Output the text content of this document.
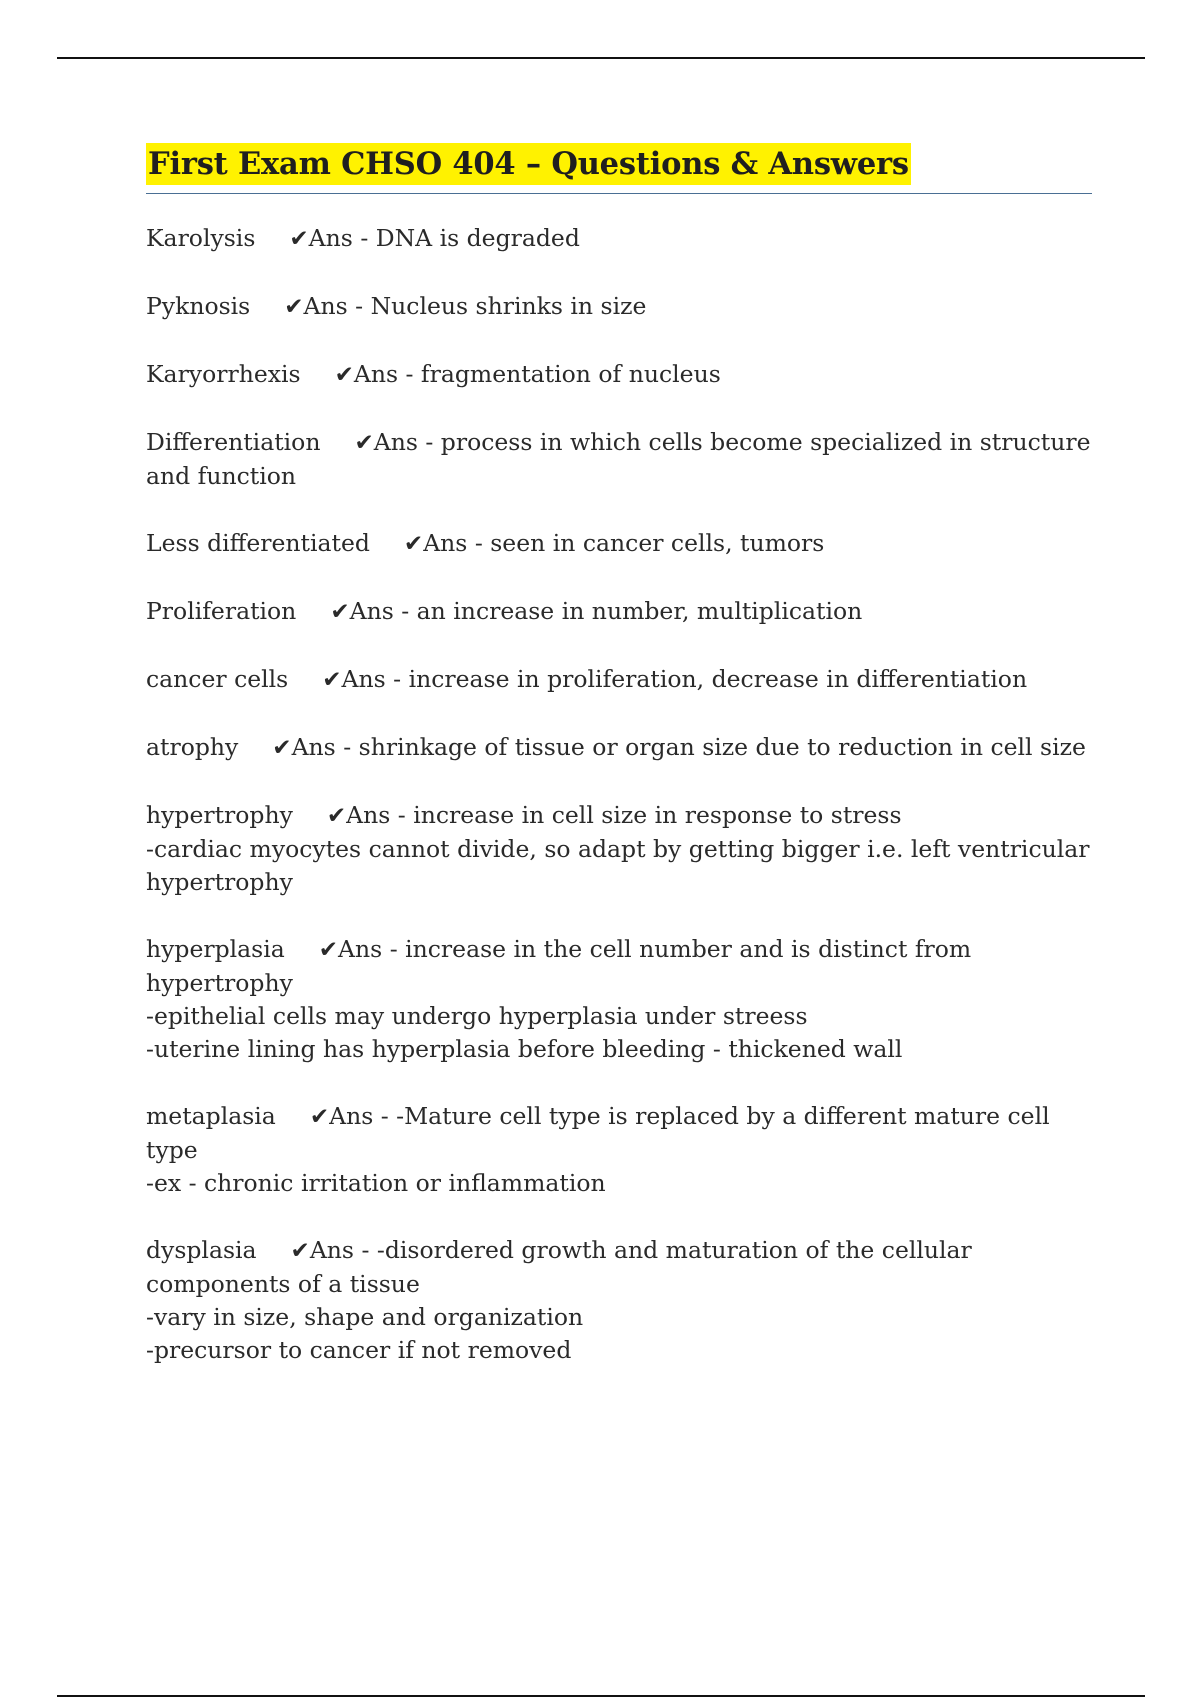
First Exam CHSO 404 – Questions & Answers
Karolysis ✔Ans - DNA is degraded
Pyknosis ✔Ans - Nucleus shrinks in size
Karyorrhexis ✔Ans - fragmentation of nucleus
Differentiation ✔Ans - process in which cells become specialized in structure and function
Less differentiated ✔Ans - seen in cancer cells, tumors
Proliferation ✔Ans - an increase in number, multiplication
cancer cells ✔Ans - increase in proliferation, decrease in differentiation
atrophy ✔Ans - shrinkage of tissue or organ size due to reduction in cell size
hypertrophy ✔Ans - increase in cell size in response to stress
-cardiac myocytes cannot divide, so adapt by getting bigger i.e. left ventricular hypertrophy
hyperplasia ✔Ans - increase in the cell number and is distinct from hypertrophy
-epithelial cells may undergo hyperplasia under streess
-uterine lining has hyperplasia before bleeding - thickened wall
metaplasia ✔Ans - -Mature cell type is replaced by a different mature cell type
-ex - chronic irritation or inflammation
dysplasia ✔Ans - -disordered growth and maturation of the cellular components of a tissue
-vary in size, shape and organization
-precursor to cancer if not removed
